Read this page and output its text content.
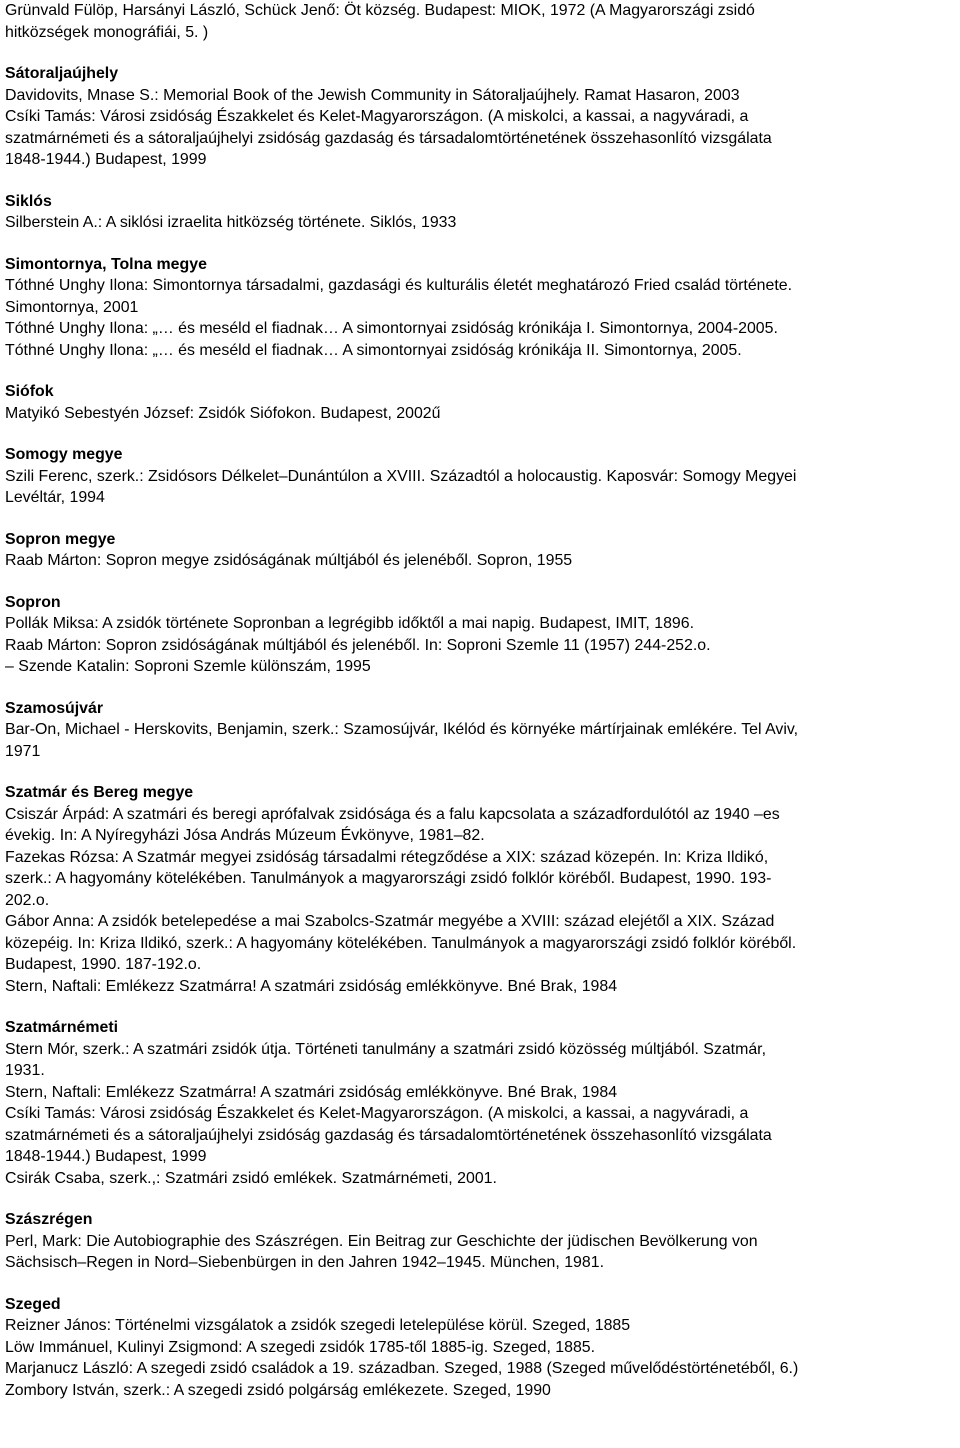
Grünvald Fülöp, Harsányi László, Schück Jenő: Öt község. Budapest: MIOK, 1972 (A Magyarországi zsidó
hitközségek monográfiái, 5. )
Sátoraljaújhely
Davidovits, Mnase S.: Memorial Book of the Jewish Community in Sátoraljaújhely. Ramat Hasaron, 2003
Csíki Tamás: Városi zsidóság Északkelet és Kelet-Magyarországon. (A miskolci, a kassai, a nagyváradi, a
szatmárnémeti és a sátoraljaújhelyi zsidóság gazdaság és társadalomtörténetének összehasonlító vizsgálata
1848-1944.) Budapest, 1999
Siklós
Silberstein A.: A siklósi izraelita hitközség története. Siklós, 1933
Simontornya, Tolna megye
Tóthné Unghy Ilona: Simontornya társadalmi, gazdasági és kulturális életét meghatározó Fried család története.
Simontornya, 2001
Tóthné Unghy Ilona: „… és meséld el fiadnak… A simontornyai zsidóság krónikája I. Simontornya, 2004-2005.
Tóthné Unghy Ilona: „… és meséld el fiadnak… A simontornyai zsidóság krónikája II. Simontornya, 2005.
Siófok
Matyikó Sebestyén József: Zsidók Siófokon. Budapest, 2002ű
Somogy megye
Szili Ferenc, szerk.: Zsidósors Délkelet–Dunántúlon a XVIII. Századtól a holocaustig. Kaposvár: Somogy Megyei
Levéltár, 1994
Sopron megye
Raab Márton: Sopron megye zsidóságának múltjából és jelenéből. Sopron, 1955
Sopron
Pollák Miksa: A zsidók története Sopronban a legrégibb időktől a mai napig. Budapest, IMIT, 1896.
Raab Márton: Sopron zsidóságának múltjából és jelenéből. In: Soproni Szemle 11 (1957) 244-252.o.
– Szende Katalin: Soproni Szemle különszám, 1995
Szamosújvár
Bar-On, Michael - Herskovits, Benjamin, szerk.: Szamosújvár, Ikélód és környéke mártírjainak emlékére. Tel Aviv,
1971
Szatmár és Bereg megye
Csiszár Árpád: A szatmári és beregi aprófalvak zsidósága és a falu kapcsolata a századfordulótól az 1940 –es
évekig. In: A Nyíregyházi Jósa András Múzeum Évkönyve, 1981–82.
Fazekas Rózsa: A Szatmár megyei zsidóság társadalmi rétegződése a XIX: század közepén. In: Kriza Ildikó,
szerk.: A hagyomány kötelékében. Tanulmányok a magyarországi zsidó folklór köréből. Budapest, 1990. 193-
202.o.
Gábor Anna: A zsidók betelepedése a mai Szabolcs-Szatmár megyébe a XVIII: század elejétől a XIX. Század
közepéig. In: Kriza Ildikó, szerk.: A hagyomány kötelékében. Tanulmányok a magyarországi zsidó folklór köréből.
Budapest, 1990. 187-192.o.
Stern, Naftali: Emlékezz Szatmárra! A szatmári zsidóság emlékkönyve. Bné Brak, 1984
Szatmárnémeti
Stern Mór, szerk.: A szatmári zsidók útja. Történeti tanulmány a szatmári zsidó közösség múltjából. Szatmár,
1931.
Stern, Naftali: Emlékezz Szatmárra! A szatmári zsidóság emlékkönyve. Bné Brak, 1984
Csíki Tamás: Városi zsidóság Északkelet és Kelet-Magyarországon. (A miskolci, a kassai, a nagyváradi, a
szatmárnémeti és a sátoraljaújhelyi zsidóság gazdaság és társadalomtörténetének összehasonlító vizsgálata
1848-1944.) Budapest, 1999
Csirák Csaba, szerk.,: Szatmári zsidó emlékek. Szatmárnémeti, 2001.
Szászrégen
Perl, Mark: Die Autobiographie des Szászrégen. Ein Beitrag zur Geschichte der jüdischen Bevölkerung von
Sächsisch–Regen in Nord–Siebenbürgen in den Jahren 1942–1945. München, 1981.
Szeged
Reizner János: Történelmi vizsgálatok a zsidók szegedi letelepülése körül. Szeged, 1885
Löw Immánuel, Kulinyi Zsigmond: A szegedi zsidók 1785-től 1885-ig. Szeged, 1885.
Marjanucz László: A szegedi zsidó családok a 19. században. Szeged, 1988 (Szeged művelődéstörténetéből, 6.)
Zombory István, szerk.: A szegedi zsidó polgárság emlékezete. Szeged, 1990
